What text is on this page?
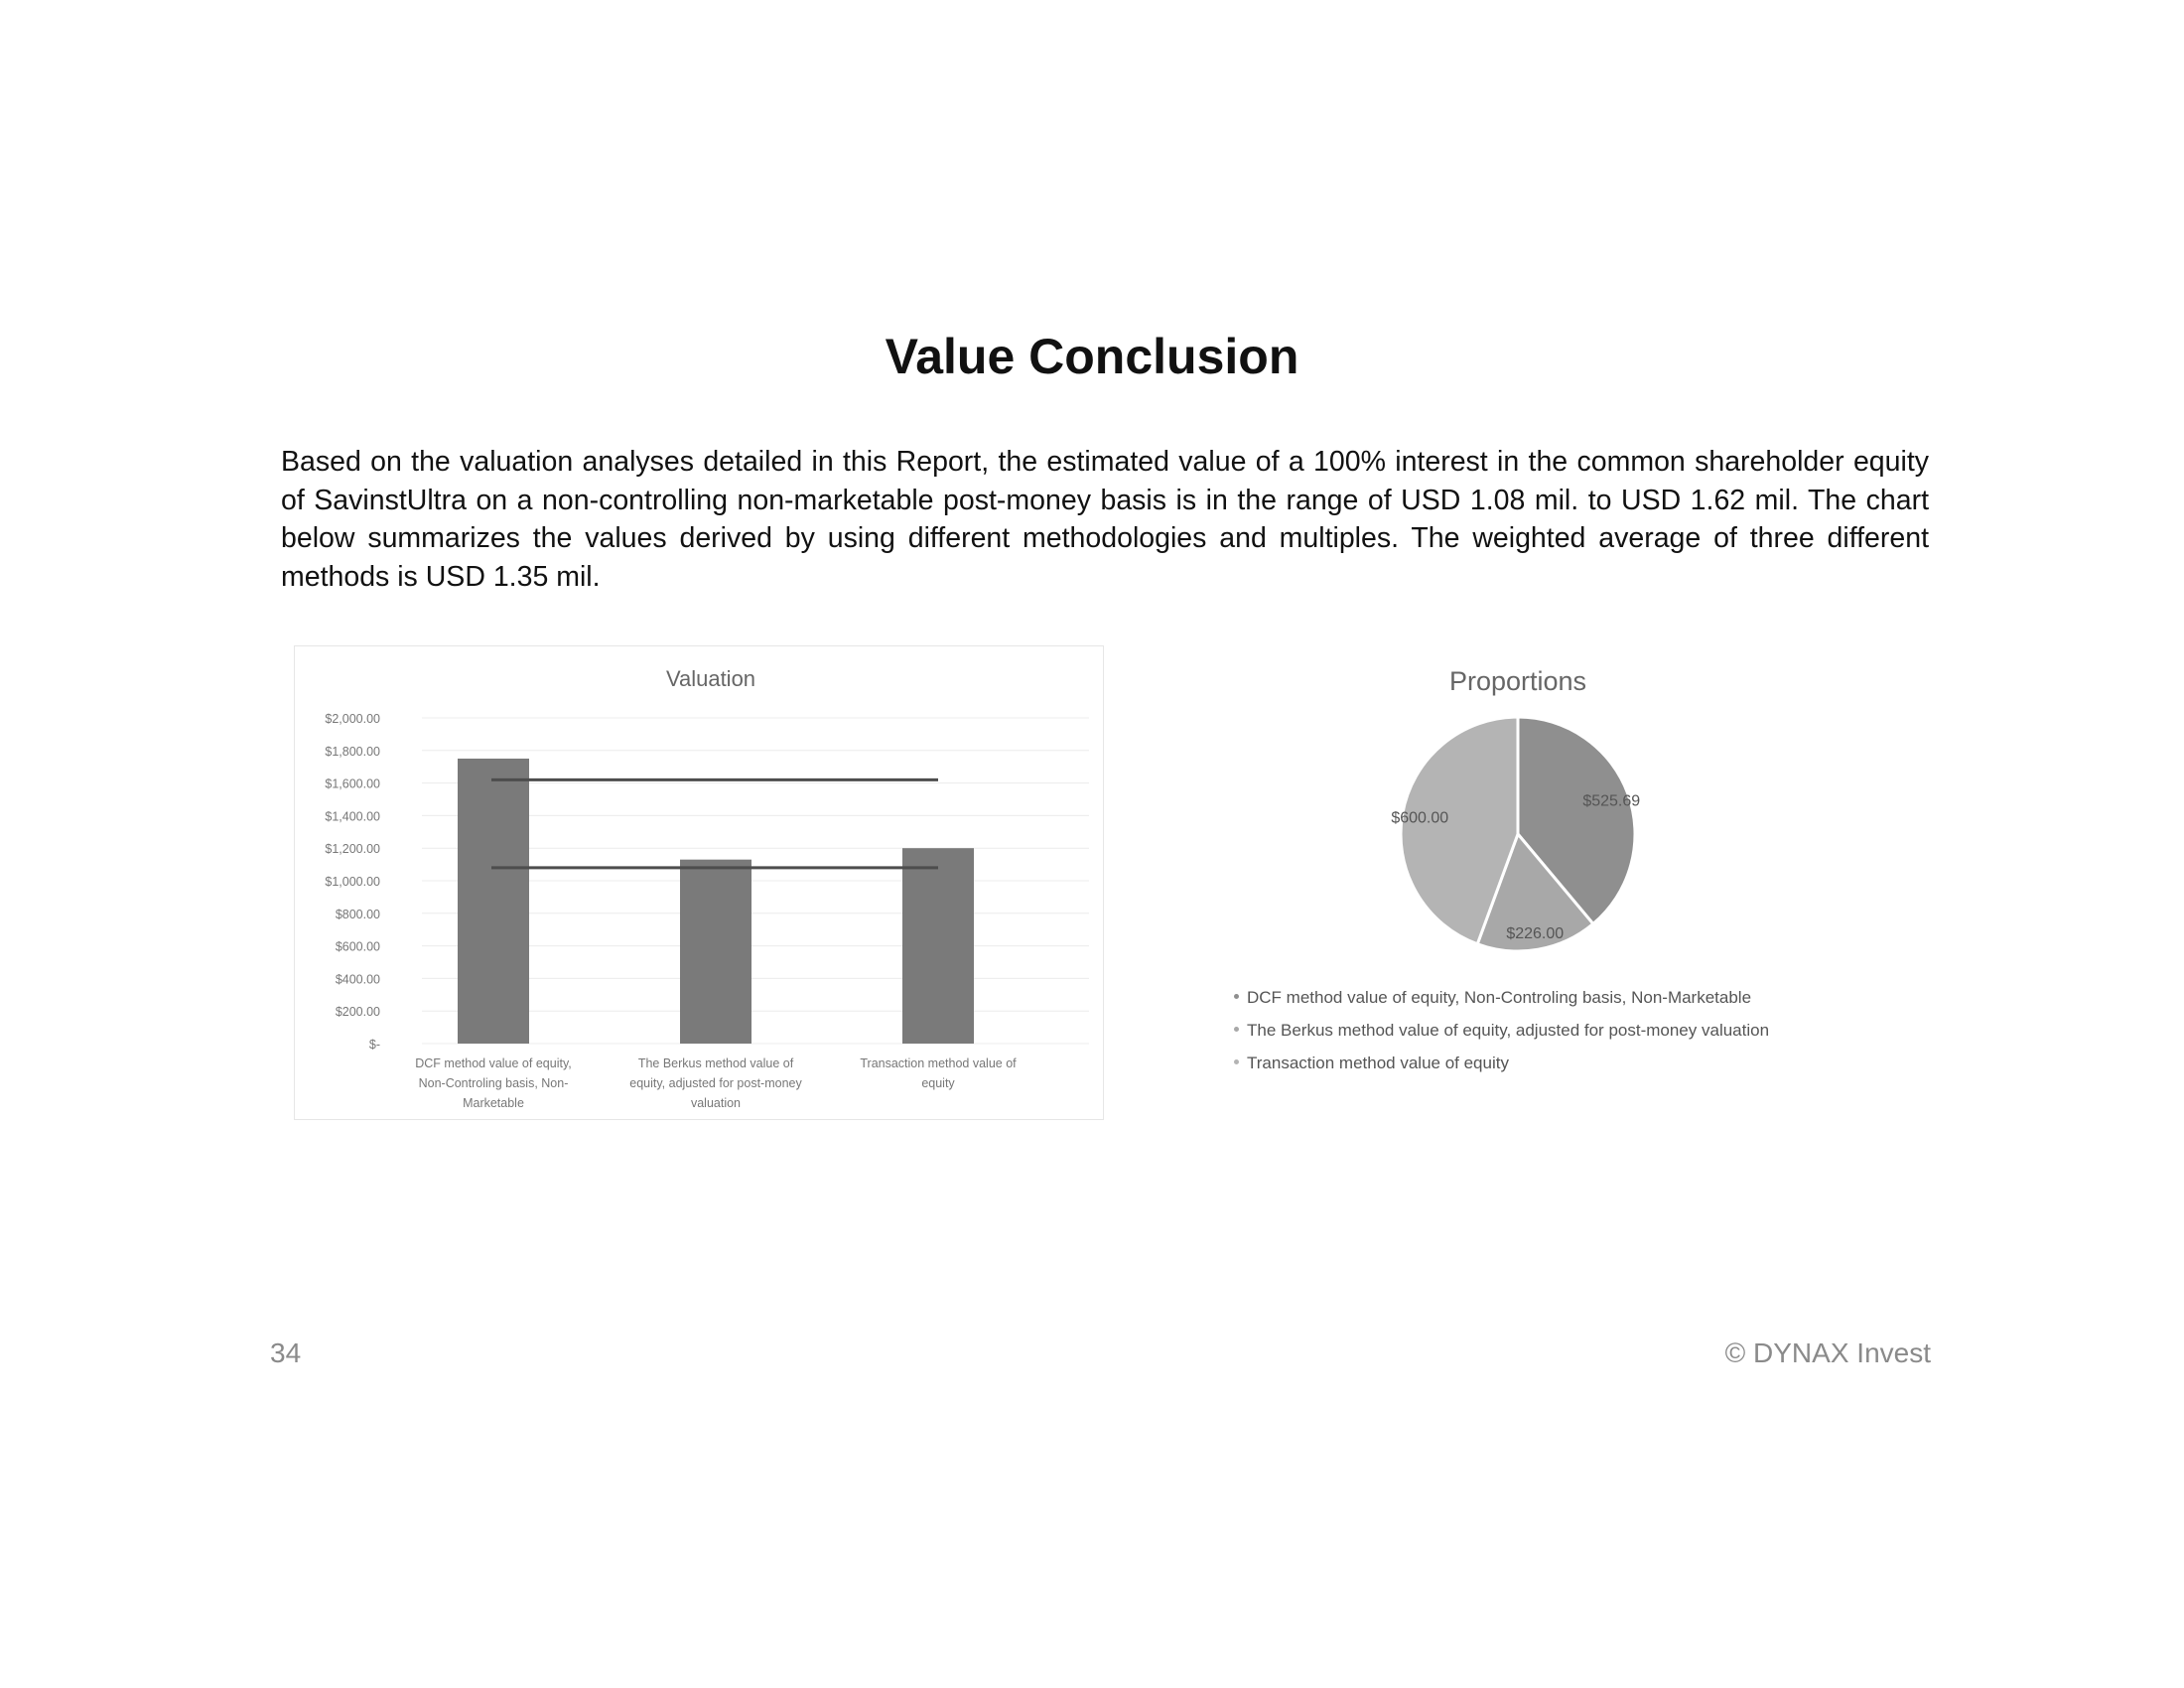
Value Conclusion

Based on the valuation analyses detailed in this Report, the estimated value of a 100% interest in the common shareholder equity of SavinstUltra on a non-controlling non-marketable post-money basis is in the range of USD 1.08 mil. to USD 1.62 mil. The chart below summarizes the values derived by using different methodologies and multiples. The weighted average of three different methods is USD 1.35 mil.

Valuation
$-
$200.00
$400.00
$600.00
$800.00
$1,000.00
$1,200.00
$1,400.00
$1,600.00
$1,800.00
$2,000.00
DCF method value of equity,
Non-Controling basis, Non-
Marketable
The Berkus method value of
equity, adjusted for post-money
valuation
Transaction method value of
equity
Proportions
$525.69
$226.00
$600.00
DCF method value of equity, Non-Controling basis, Non-Marketable
The Berkus method value of equity, adjusted for post-money valuation
Transaction method value of equity
34	© DYNAX Invest
